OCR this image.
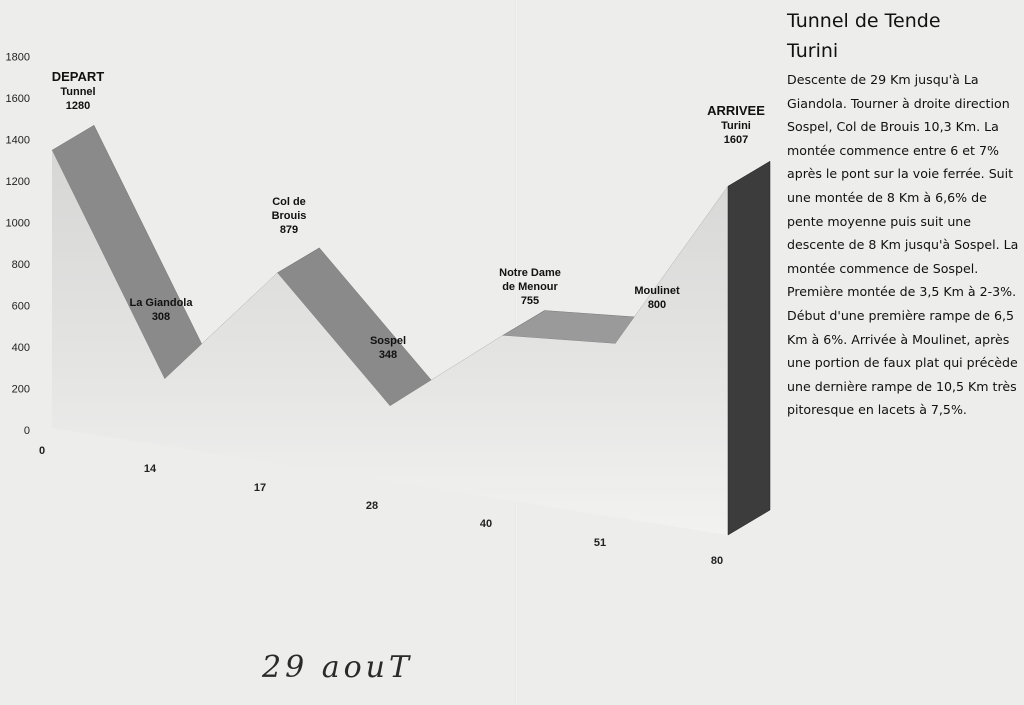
0
200
400
600
800
1000
1200
1400
1600
1800
0
14
17
28
40
51
80
DEPART
Tunnel
1280
La Giandola
308
Col de
Brouis
879
Sospel
348
Notre Dame
de Menour
755
Moulinet
800
ARRIVEE
Turini
1607
Tunnel de Tende
Turini
Descente de 29 Km jusqu'à La Giandola. Tourner à droite direction Sospel, Col de Brouis 10,3 Km. La montée commence entre 6 et 7% après le pont sur la voie ferrée. Suit une montée de 8 Km à 6,6% de pente moyenne puis suit une descente de 8 Km jusqu'à Sospel. La montée commence de Sospel. Première montée de 3,5 Km à 2-3%. Début d'une première rampe de 6,5 Km à 6%. Arrivée à Moulinet, après une portion de faux plat qui précède une dernière rampe de 10,5 Km très pitoresque en lacets à 7,5%.
29 aouT
